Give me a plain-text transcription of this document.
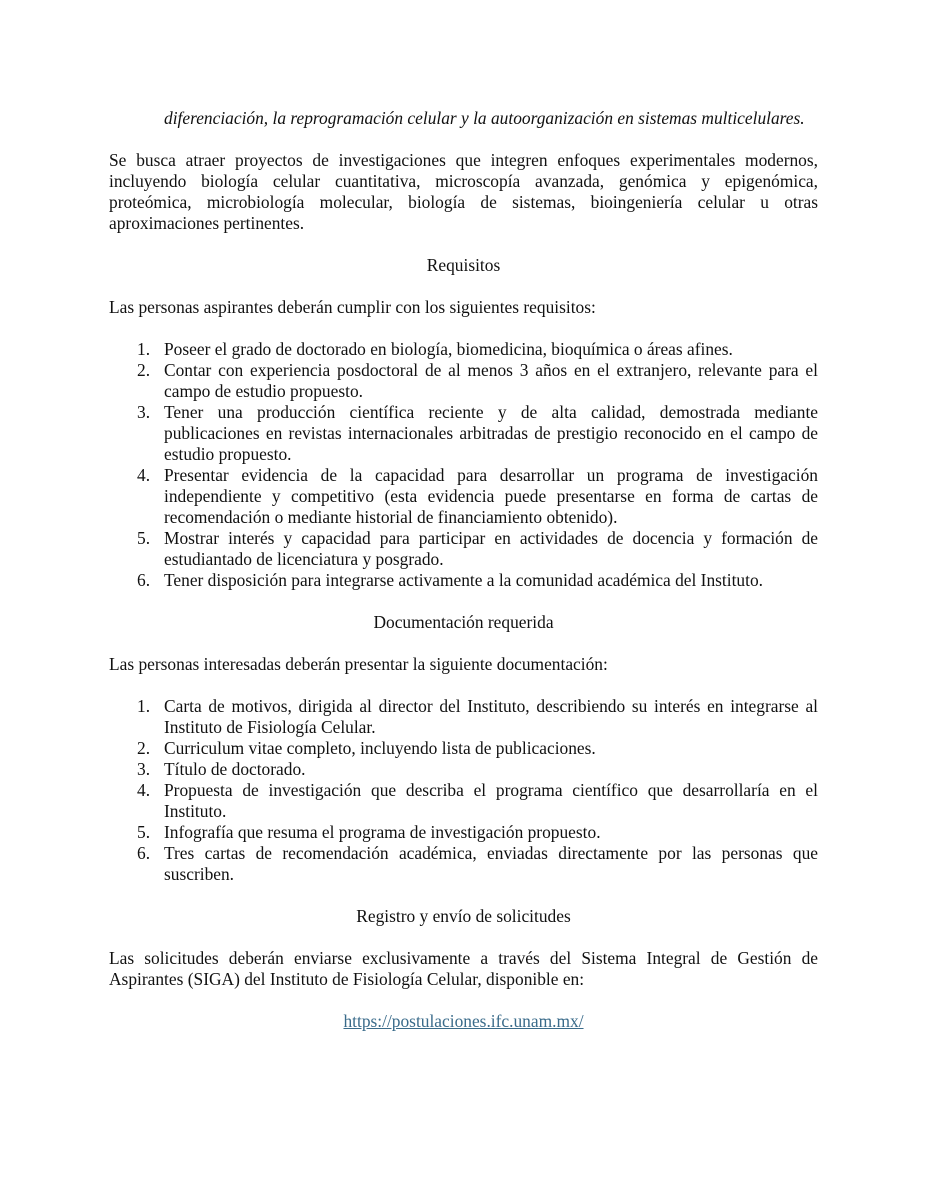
diferenciación, la reprogramación celular y la autoorganización en sistemas multicelulares.

Se busca atraer proyectos de investigaciones que integren enfoques experimentales modernos, incluyendo biología celular cuantitativa, microscopía avanzada, genómica y epigenómica, proteómica, microbiología molecular, biología de sistemas, bioingeniería celular u otras aproximaciones pertinentes.

Requisitos

Las personas aspirantes deberán cumplir con los siguientes requisitos:

1. Poseer el grado de doctorado en biología, biomedicina, bioquímica o áreas afines.
2. Contar con experiencia posdoctoral de al menos 3 años en el extranjero, relevante para el campo de estudio propuesto.
3. Tener una producción científica reciente y de alta calidad, demostrada mediante publicaciones en revistas internacionales arbitradas de prestigio reconocido en el campo de estudio propuesto.
4. Presentar evidencia de la capacidad para desarrollar un programa de investigación independiente y competitivo (esta evidencia puede presentarse en forma de cartas de recomendación o mediante historial de financiamiento obtenido).
5. Mostrar interés y capacidad para participar en actividades de docencia y formación de estudiantado de licenciatura y posgrado.
6. Tener disposición para integrarse activamente a la comunidad académica del Instituto.

Documentación requerida

Las personas interesadas deberán presentar la siguiente documentación:

1. Carta de motivos, dirigida al director del Instituto, describiendo su interés en integrarse al Instituto de Fisiología Celular.
2. Curriculum vitae completo, incluyendo lista de publicaciones.
3. Título de doctorado.
4. Propuesta de investigación que describa el programa científico que desarrollaría en el Instituto.
5. Infografía que resuma el programa de investigación propuesto.
6. Tres cartas de recomendación académica, enviadas directamente por las personas que suscriben.

Registro y envío de solicitudes

Las solicitudes deberán enviarse exclusivamente a través del Sistema Integral de Gestión de Aspirantes (SIGA) del Instituto de Fisiología Celular, disponible en:

https://postulaciones.ifc.unam.mx/
